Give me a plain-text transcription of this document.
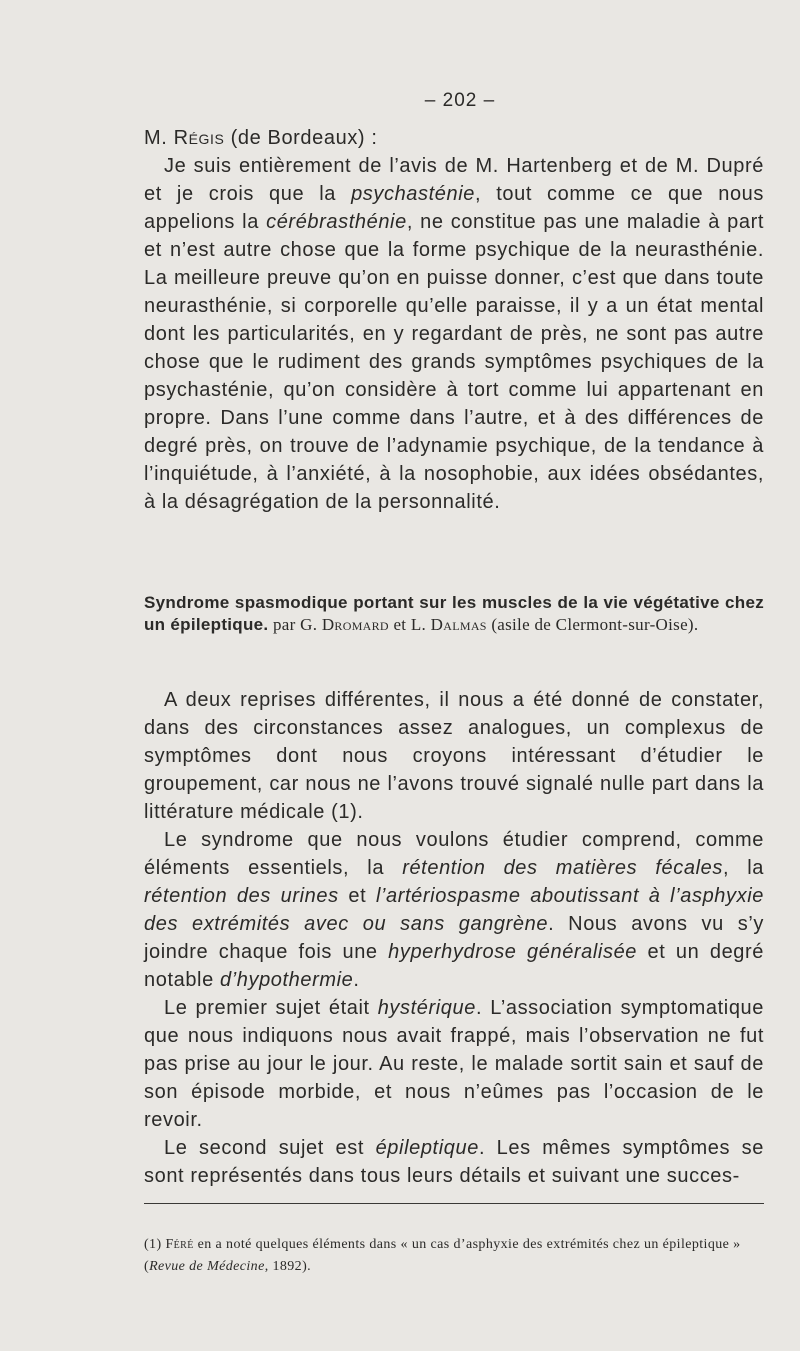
– 202 –

M. Régis (de Bordeaux) :

Je suis entièrement de l’avis de M. Hartenberg et de M. Dupré et je crois que la psychasténie, tout comme ce que nous appelions la cérébrasthénie, ne constitue pas une maladie à part et n’est autre chose que la forme psychique de la neurasthénie. La meilleure preuve qu’on en puisse donner, c’est que dans toute neurasthénie, si corporelle qu’elle paraisse, il y a un état mental dont les particularités, en y regardant de près, ne sont pas autre chose que le rudiment des grands symptômes psychiques de la psychasténie, qu’on considère à tort comme lui appartenant en propre. Dans l’une comme dans l’autre, et à des différences de degré près, on trouve de l’adynamie psychique, de la tendance à l’inquiétude, à l’anxiété, à la nosophobie, aux idées obsédantes, à la désagrégation de la personnalité.

Syndrome spasmodique portant sur les muscles de la vie végétative chez un épileptique. par G. Dromard et L. Dalmas (asile de Clermont-sur-Oise).

A deux reprises différentes, il nous a été donné de constater, dans des circonstances assez analogues, un complexus de symptômes dont nous croyons intéressant d’étudier le groupement, car nous ne l’avons trouvé signalé nulle part dans la littérature médicale (1).

Le syndrome que nous voulons étudier comprend, comme éléments essentiels, la rétention des matières fécales, la rétention des urines et l’artériospasme aboutissant à l’asphyxie des extrémités avec ou sans gangrène. Nous avons vu s’y joindre chaque fois une hyperhydrose généralisée et un degré notable d’hypothermie.

Le premier sujet était hystérique. L’association symptomatique que nous indiquons nous avait frappé, mais l’observation ne fut pas prise au jour le jour. Au reste, le malade sortit sain et sauf de son épisode morbide, et nous n’eûmes pas l’occasion de le revoir.

Le second sujet est épileptique. Les mêmes symptômes se sont représentés dans tous leurs détails et suivant une succes-

(1) Féré en a noté quelques éléments dans « un cas d’asphyxie des extrémités chez un épileptique » (Revue de Médecine, 1892).
